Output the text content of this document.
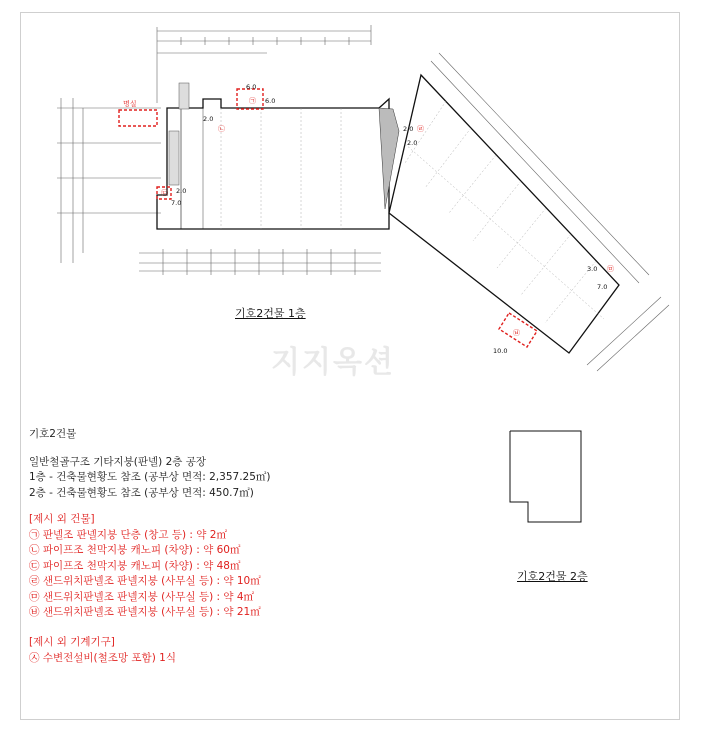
명실
6.0
2.0
6.0
2.0
7.0
2.0
2.0
3.0
7.0
10.0
㉠
㉡
㉢
㉣
㉤
㉥
지지옥션
기호2건물 1층
기호2건물
일반철골구조 기타지붕(판넬) 2층 공장
1층 - 건축물현황도 참조 (공부상 면적: 2,357.25㎡)
2층 - 건축물현황도 참조 (공부상 면적: 450.7㎡)
[제시 외 건물]
㉠ 판넬조 판넬지붕 단층 (창고 등) : 약 2㎡
㉡ 파이프조 천막지붕 캐노피 (차양) : 약 60㎡
㉢ 파이프조 천막지붕 캐노피 (차양) : 약 48㎡
㉣ 샌드위치판넬조 판넬지붕 (사무실 등) : 약 10㎡
㉤ 샌드위치판넬조 판넬지붕 (사무실 등) : 약 4㎡
㉥ 샌드위치판넬조 판넬지붕 (사무실 등) : 약 21㎡
[제시 외 기계기구]
㉦ 수변전설비(철조망 포함) 1식
기호2건물 2층
